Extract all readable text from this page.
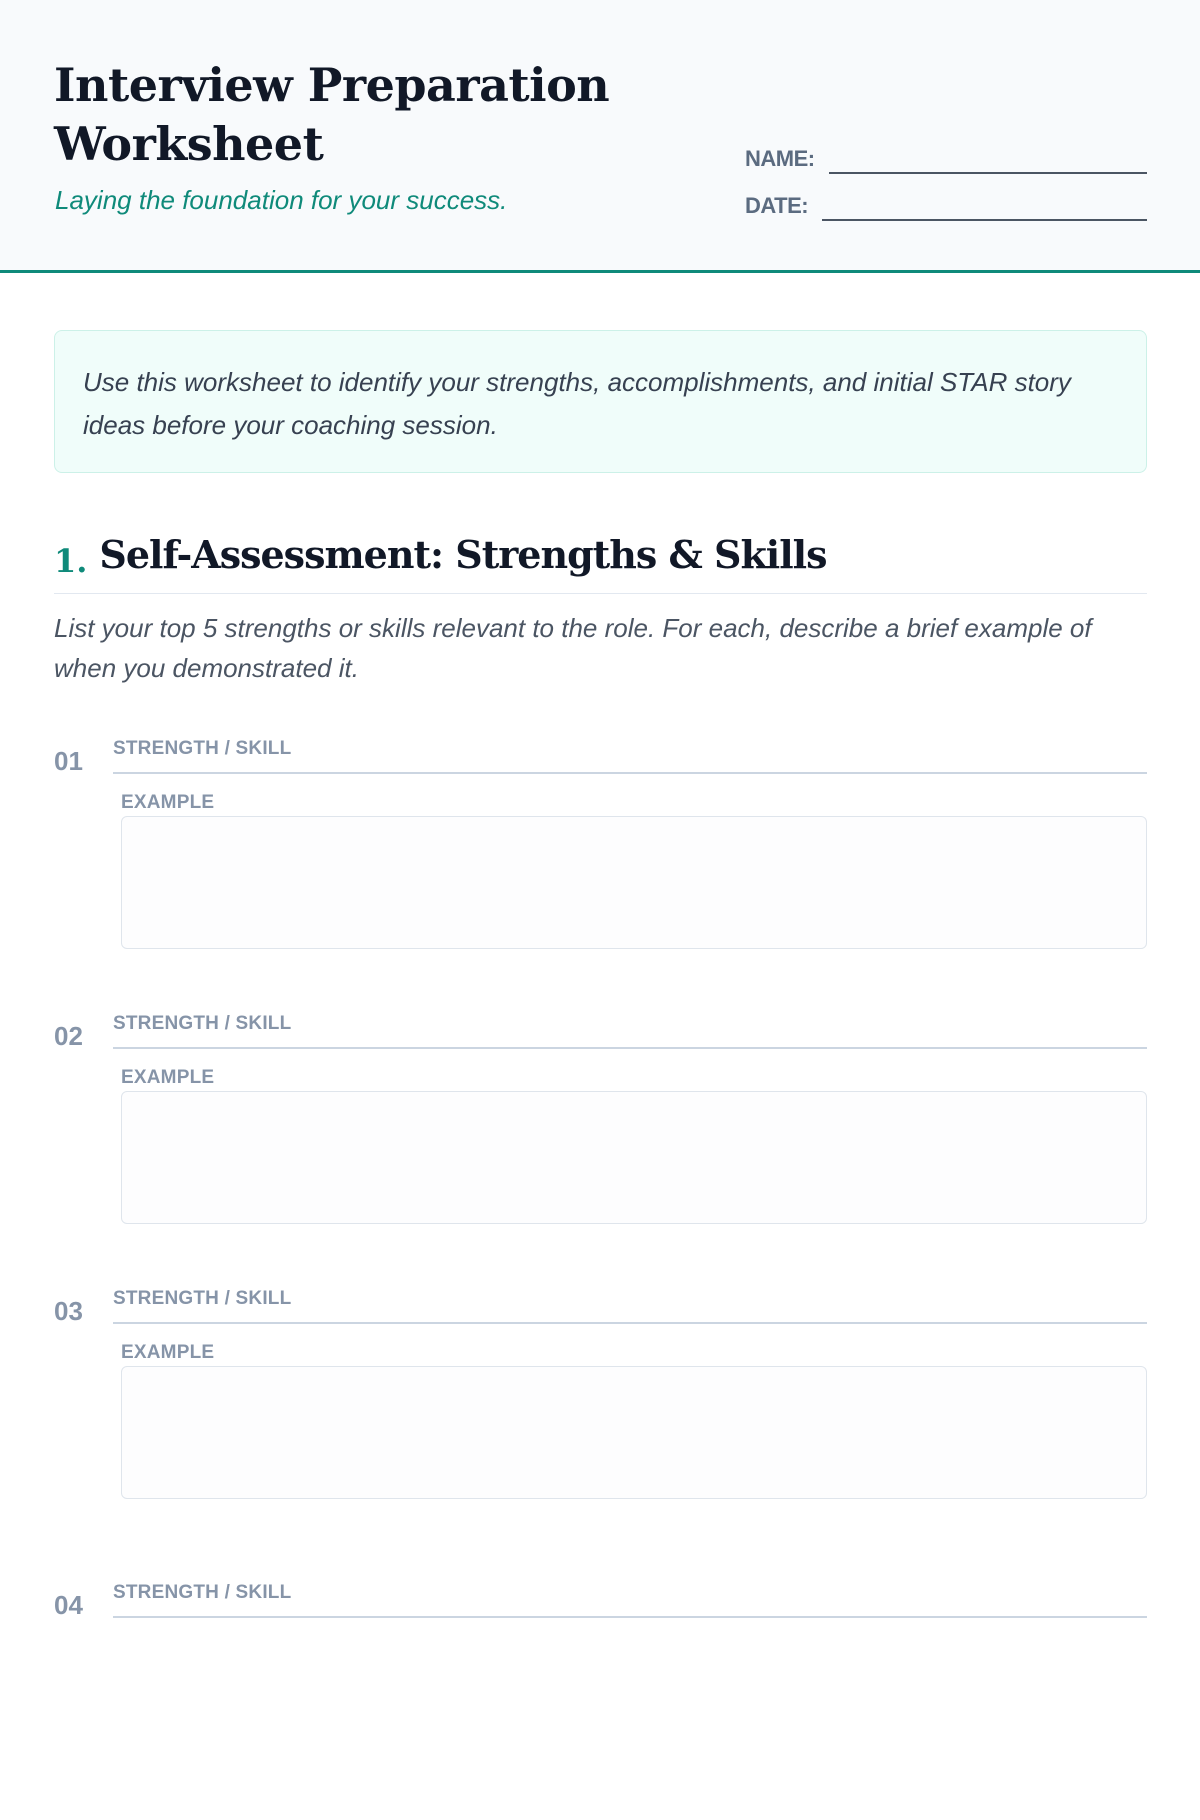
Interview Preparation
Worksheet
Laying the foundation for your success.
NAME:
DATE:

Use this worksheet to identify your strengths, accomplishments, and initial STAR story ideas before your coaching session.

1. Self-Assessment: Strengths & Skills

List your top 5 strengths or skills relevant to the role. For each, describe a brief example of when you demonstrated it.

01 STRENGTH / SKILL
EXAMPLE
02 STRENGTH / SKILL
EXAMPLE
03 STRENGTH / SKILL
EXAMPLE
04 STRENGTH / SKILL
